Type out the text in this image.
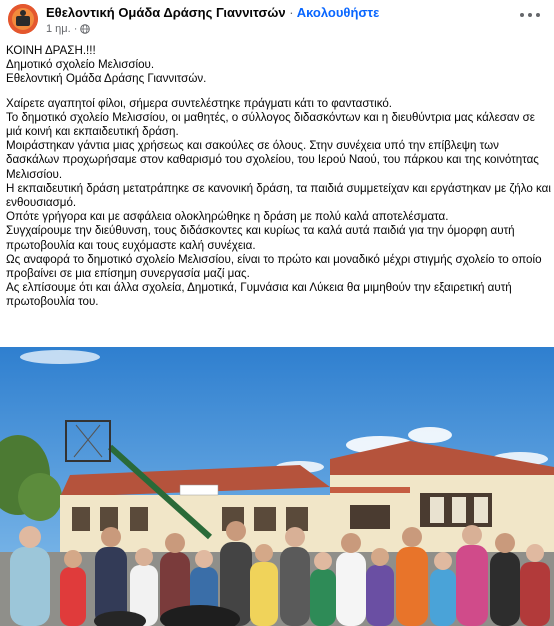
Εθελοντική Ομάδα Δράσης Γιαννιτσών · Ακολουθήστε
1 ημ. ·

ΚΟΙΝΗ ΔΡΑΣΗ.!!!

Δημοτικό σχολείο Μελισσίου.

Εθελοντική Ομάδα Δράσης Γιαννιτσών.

Χαίρετε αγαπητοί φίλοι, σήμερα συντελέστηκε πράγματι κάτι το φανταστικό.

Το δημοτικό σχολείο Μελισσίου, οι μαθητές, ο σύλλογος διδασκόντων και η διευθύντρια μας κάλεσαν σε μιά κοινή και εκπαιδευτική δράση.

Μοιράστηκαν γάντια μιας χρήσεως και σακούλες σε όλους. Στην συνέχεια υπό την επίβλεψη των δασκάλων προχωρήσαμε στον καθαρισμό του σχολείου, του Ιερού Ναού, του πάρκου και της κοινότητας Μελισσίου.

Η εκπαιδευτική δράση μετατράπηκε σε κανονική δράση, τα παιδιά συμμετείχαν και εργάστηκαν με ζήλο και ενθουσιασμό.

Οπότε γρήγορα και με ασφάλεια ολοκληρώθηκε η δράση με πολύ καλά αποτελέσματα.

Συγχαίρουμε την διεύθυνση, τους διδάσκοντες και κυρίως τα καλά αυτά παιδιά για την όμορφη αυτή πρωτοβουλία και τους ευχόμαστε καλή συνέχεια.

Ως αναφορά το δημοτικό σχολείο Μελισσίου, είναι το πρώτο και μοναδικό μέχρι στιγμής σχολείο το οποίο προβαίνει σε μια επίσημη συνεργασία μαζί μας.

Ας ελπίσουμε ότι και άλλα σχολεία, Δημοτικά, Γυμνάσια και Λύκεια θα μιμηθούν την εξαιρετική αυτή πρωτοβουλία του.
